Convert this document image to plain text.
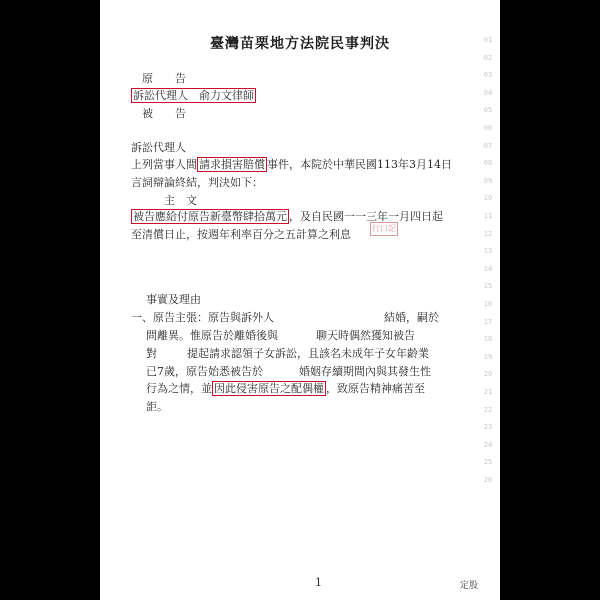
臺灣苗栗地方法院民事判決
原　　告
訴訟代理人　 俞力文律師
被　　告
訴訟代理人
上列當事人間 請求損害賠償 事件，本院於中華民國113年3月14日
言詞辯論終結，判決如下：
主　文
被告應給付原告新臺幣肆拾萬元 ，及自民國一一三年一月四日起
至清償日止，按週年利率百分之五計算之利息	行口記
事實及理由
一、原告主張：原告與訴外人	結婚，嗣於
問離異。惟原告於離婚後與	聊天時偶然獲知被告
對	提起請求認領子女訴訟，且該名未成年子女年齡業
已7歲，原告始悉被告於	婚姻存續期間內與其發生性
行為之情，並 因此侵害原告之配偶權 ，致原告精神痛苦至
詎。
01
02
03
04
05
06
07
08
09
10
11
12
13
14
15
16
17
18
19
20
21
22
23
24
25
26
1	定股
